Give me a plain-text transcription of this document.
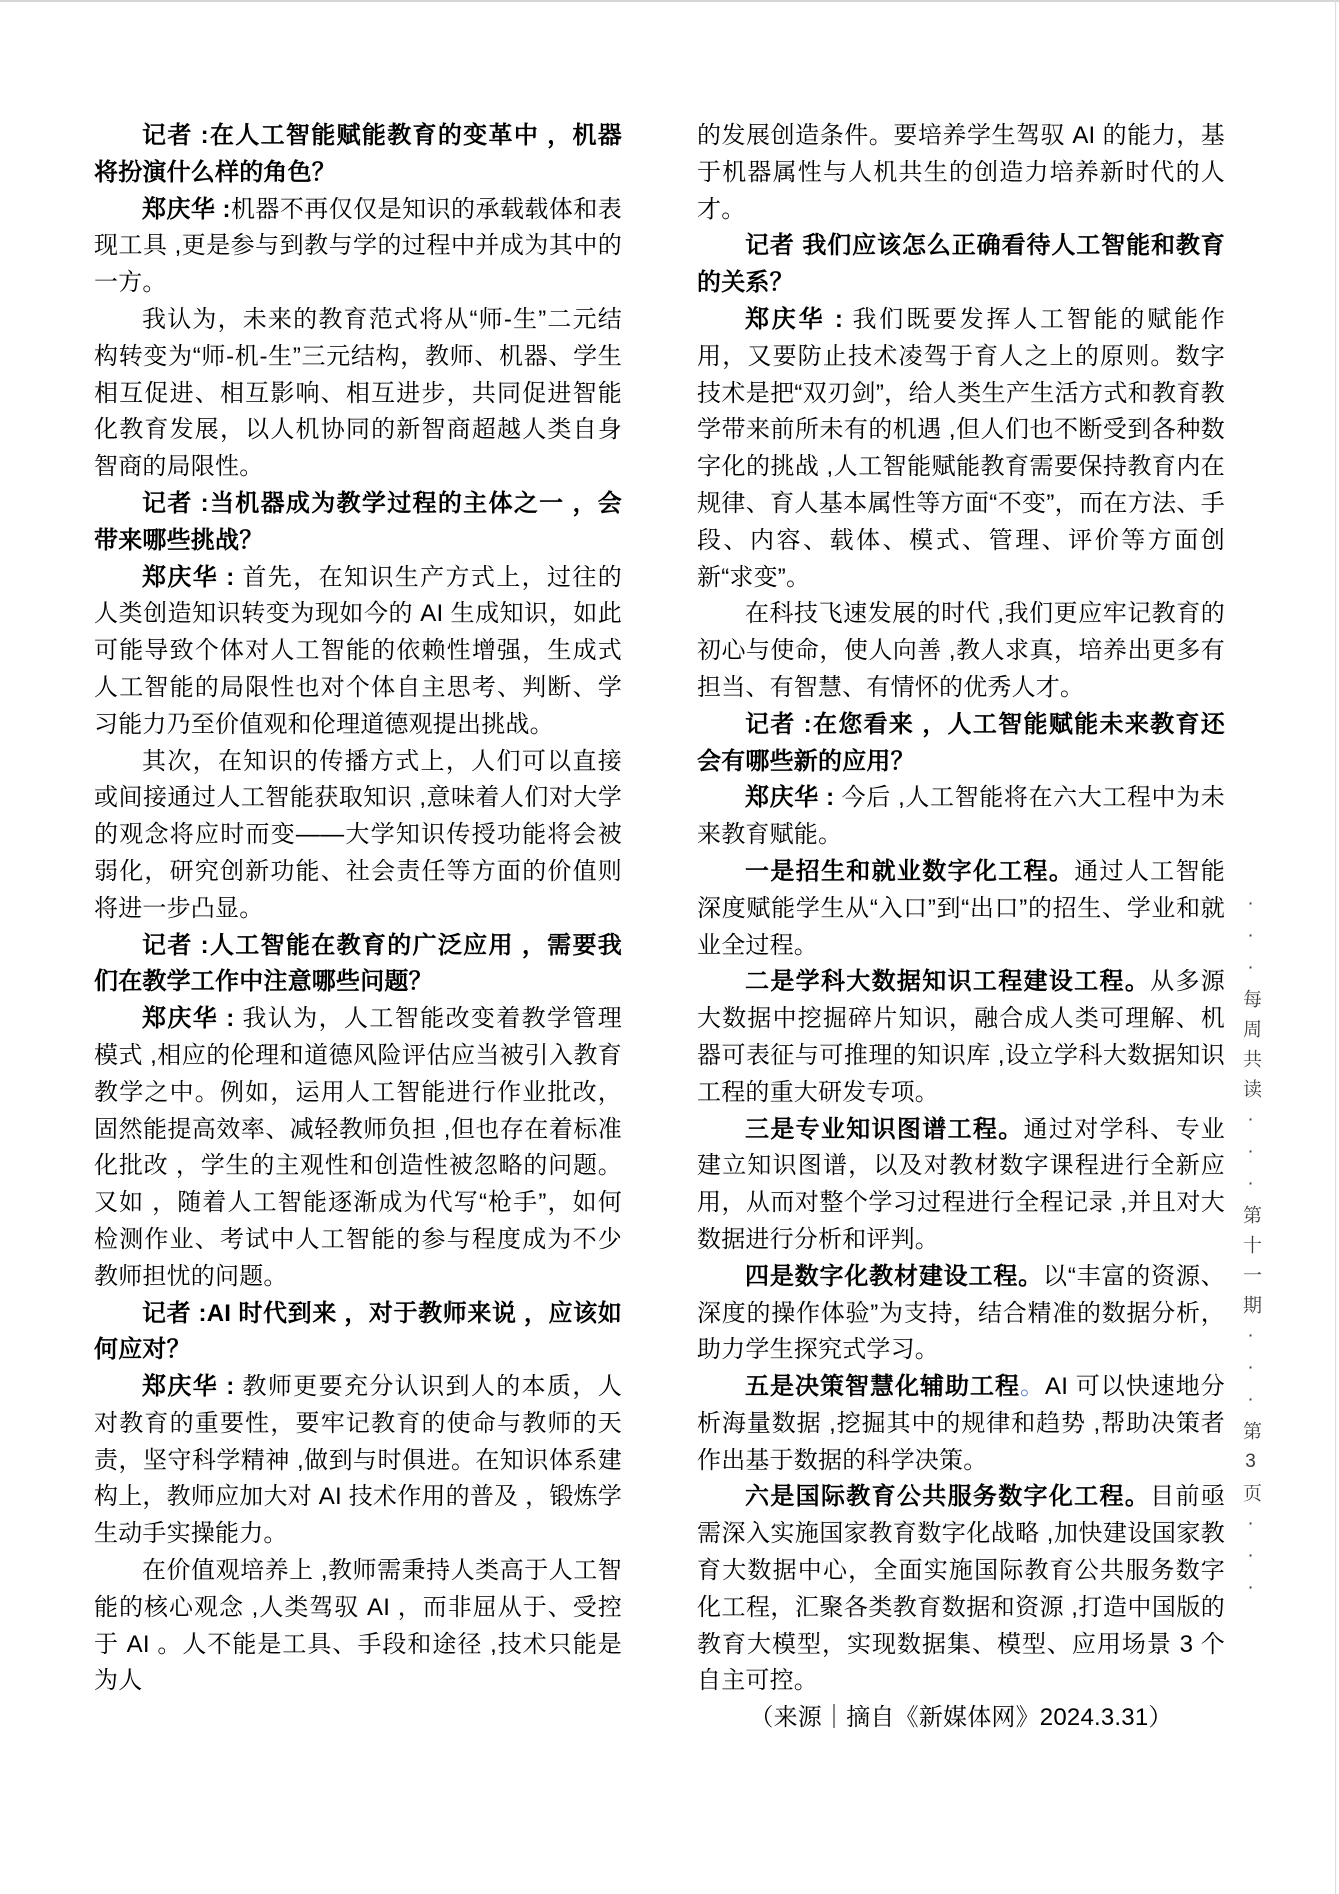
记者 :在人工智能赋能教育的变革中 ，机器将扮演什么样的角色？

郑庆华 :机器不再仅仅是知识的承载载体和表现工具 ,更是参与到教与学的过程中并成为其中的一方。

我认为，未来的教育范式将从“师-生”二元结构转变为“师-机-生”三元结构，教师、机器、学生相互促进、相互影响、相互进步，共同促进智能化教育发展，以人机协同的新智商超越人类自身智商的局限性。

记者 :当机器成为教学过程的主体之一 ，会带来哪些挑战？

郑庆华 : 首先，在知识生产方式上，过往的人类创造知识转变为现如今的 AI 生成知识，如此可能导致个体对人工智能的依赖性增强，生成式人工智能的局限性也对个体自主思考、判断、学习能力乃至价值观和伦理道德观提出挑战。

其次，在知识的传播方式上，人们可以直接或间接通过人工智能获取知识 ,意味着人们对大学的观念将应时而变——大学知识传授功能将会被弱化，研究创新功能、社会责任等方面的价值则将进一步凸显。

记者 :人工智能在教育的广泛应用 ，需要我们在教学工作中注意哪些问题？

郑庆华 : 我认为，人工智能改变着教学管理模式 ,相应的伦理和道德风险评估应当被引入教育教学之中。例如，运用人工智能进行作业批改，固然能提高效率、减轻教师负担 ,但也存在着标准化批改 ，学生的主观性和创造性被忽略的问题。又如 ，随着人工智能逐渐成为代写“枪手”，如何检测作业、考试中人工智能的参与程度成为不少教师担忧的问题。

记者 :AI 时代到来 ，对于教师来说 ，应该如何应对？

郑庆华 : 教师更要充分认识到人的本质，人对教育的重要性，要牢记教育的使命与教师的天责，坚守科学精神 ,做到与时俱进。在知识体系建构上，教师应加大对 AI 技术作用的普及 ，锻炼学生动手实操能力。

在价值观培养上 ,教师需秉持人类高于人工智能的核心观念 ,人类驾驭 AI ，而非屈从于、受控于 AI 。人不能是工具、手段和途径 ,技术只能是为人

的发展创造条件。要培养学生驾驭 AI 的能力，基于机器属性与人机共生的创造力培养新时代的人才。

记者 我们应该怎么正确看待人工智能和教育的关系？

郑庆华 : 我们既要发挥人工智能的赋能作用，又要防止技术凌驾于育人之上的原则。数字技术是把“双刃剑”，给人类生产生活方式和教育教学带来前所未有的机遇 ,但人们也不断受到各种数字化的挑战 ,人工智能赋能教育需要保持教育内在规律、育人基本属性等方面“不变”，而在方法、手段、内容、载体、模式、管理、评价等方面创新“求变”。

在科技飞速发展的时代 ,我们更应牢记教育的初心与使命，使人向善 ,教人求真，培养出更多有担当、有智慧、有情怀的优秀人才。

记者 :在您看来 ，人工智能赋能未来教育还会有哪些新的应用？

郑庆华 : 今后 ,人工智能将在六大工程中为未来教育赋能。

一是招生和就业数字化工程。通过人工智能深度赋能学生从“入口”到“出口”的招生、学业和就业全过程。

二是学科大数据知识工程建设工程。从多源大数据中挖掘碎片知识，融合成人类可理解、机器可表征与可推理的知识库 ,设立学科大数据知识工程的重大研发专项。

三是专业知识图谱工程。通过对学科、专业建立知识图谱，以及对教材数字课程进行全新应用，从而对整个学习过程进行全程记录 ,并且对大数据进行分析和评判。

四是数字化教材建设工程。以“丰富的资源、深度的操作体验”为支持，结合精准的数据分析，助力学生探究式学习。

五是决策智慧化辅助工程。AI 可以快速地分析海量数据 ,挖掘其中的规律和趋势 ,帮助决策者作出基于数据的科学决策。

六是国际教育公共服务数字化工程。目前亟需深入实施国家教育数字化战略 ,加快建设国家教育大数据中心，全面实施国际教育公共服务数字化工程，汇聚各类教育数据和资源 ,打造中国版的教育大模型，实现数据集、模型、应用场景 3 个自主可控。

（来源｜摘自《新媒体网》2024.3.31）

···每周共读···第十一期···第3页···
